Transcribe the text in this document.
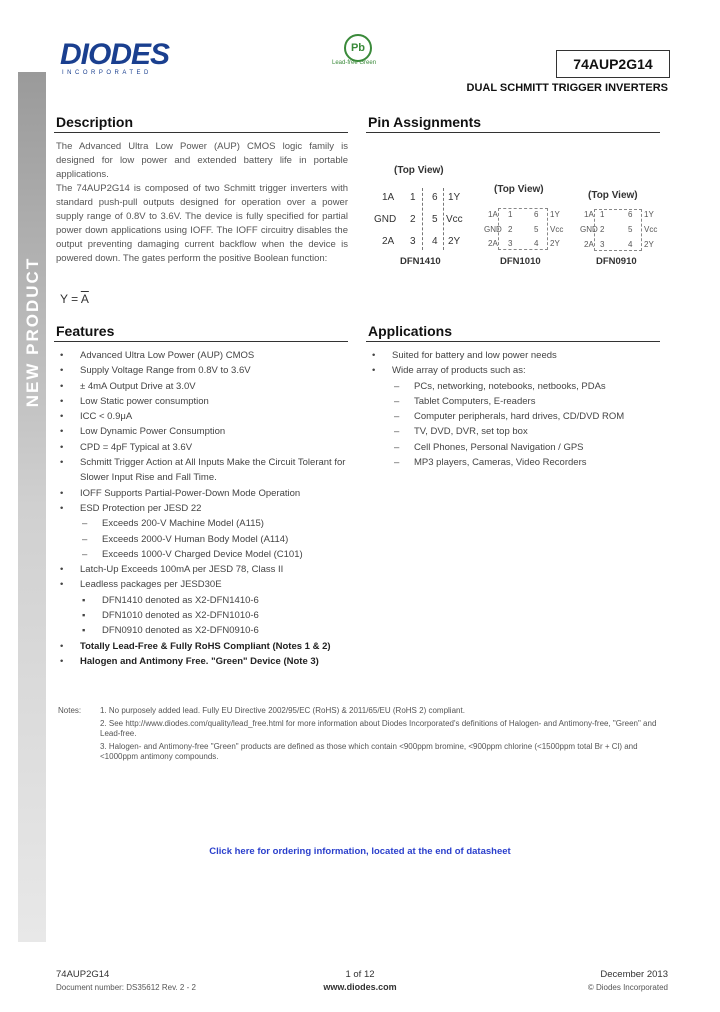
NEW PRODUCT
DIODES
INCORPORATED
Pb
Lead-free Green	74AUP2G14
DUAL SCHMITT TRIGGER INVERTERS
Description
The Advanced Ultra Low Power (AUP) CMOS logic family is designed for low power and extended battery life in portable applications.
The 74AUP2G14 is composed of two Schmitt trigger inverters with standard push-pull outputs designed for operation over a power supply range of 0.8V to 3.6V. The device is fully specified for partial power down applications using IOFF. The IOFF circuitry disables the output preventing damaging current backflow when the device is powered down. The gates perform the positive Boolean function:
$Y = \overline{A}$
Pin Assignments
(Top View)
1A
GND
2A
1
2
3
6
5
4
1Y
Vcc
2Y
DFN1410
(Top View)
1A
GND
2A
1
2
3
6
5
4
1Y
Vcc
2Y
DFN1010
(Top View)
1A
GND
2A
1
2
3
6
5
4
1Y
Vcc
2Y
DFN0910
Features
• Advanced Ultra Low Power (AUP) CMOS
• Supply Voltage Range from 0.8V to 3.6V
• ± 4mA Output Drive at 3.0V
• Low Static power consumption
• ICC < 0.9μA
• Low Dynamic Power Consumption
• CPD = 4pF Typical at 3.6V
• Schmitt Trigger Action at All Inputs Make the Circuit Tolerant for
Slower Input Rise and Fall Time.
• IOFF Supports Partial-Power-Down Mode Operation
• ESD Protection per JESD 22
– Exceeds 200-V Machine Model (A115)
– Exceeds 2000-V Human Body Model (A114)
– Exceeds 1000-V Charged Device Model (C101)
• Latch-Up Exceeds 100mA per JESD 78, Class II
• Leadless packages per JESD30E
▪ DFN1410 denoted as X2-DFN1410-6
▪ DFN1010 denoted as X2-DFN1010-6
▪ DFN0910 denoted as X2-DFN0910-6
• Totally Lead-Free & Fully RoHS Compliant (Notes 1 & 2)
• Halogen and Antimony Free. "Green" Device (Note 3)
Applications
• Suited for battery and low power needs
• Wide array of products such as:
– PCs, networking, notebooks, netbooks, PDAs
– Tablet Computers, E-readers
– Computer peripherals, hard drives, CD/DVD ROM
– TV, DVD, DVR, set top box
– Cell Phones, Personal Navigation / GPS
– MP3 players, Cameras, Video Recorders
Notes: 1. No purposely added lead. Fully EU Directive 2002/95/EC (RoHS) & 2011/65/EU (RoHS 2) compliant.
2. See http://www.diodes.com/quality/lead_free.html for more information about Diodes Incorporated's definitions of Halogen- and Antimony-free, "Green" and Lead-free.
3. Halogen- and Antimony-free "Green" products are defined as those which contain <900ppm bromine, <900ppm chlorine (<1500ppm total Br + Cl) and <1000ppm antimony compounds.
Click here for ordering information, located at the end of datasheet
74AUP2G14
Document number: DS35612 Rev. 2 - 2
1 of 12
www.diodes.com
December 2013
© Diodes Incorporated
